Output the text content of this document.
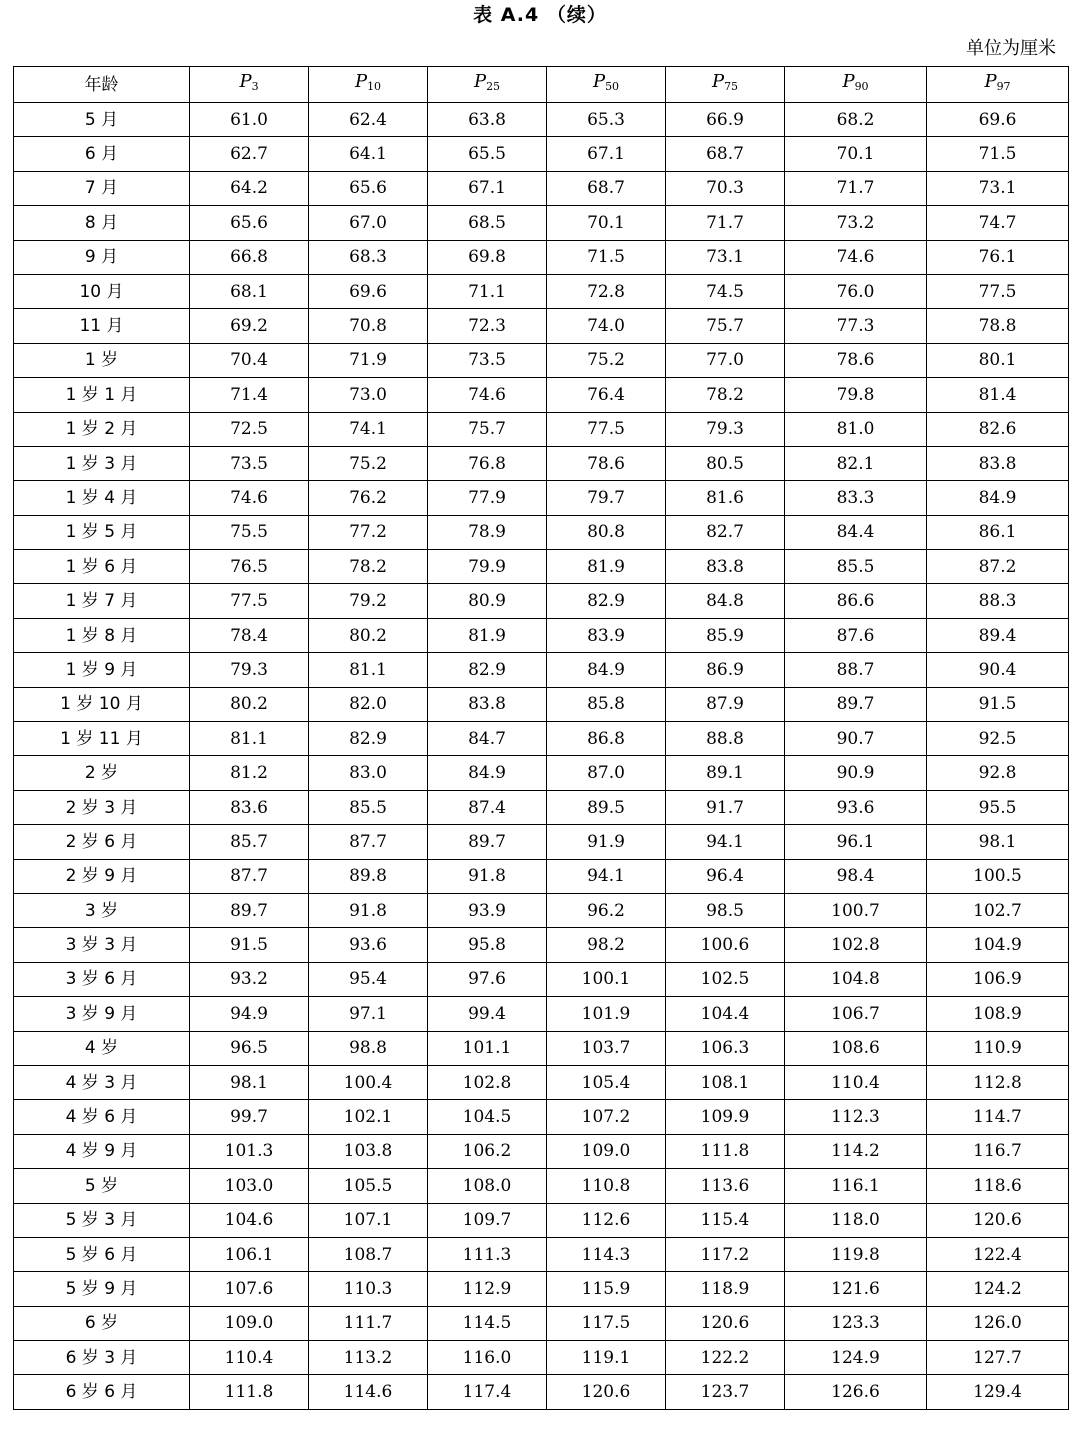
表 A.4 （续）
单位为厘米
年龄	P3	P10	P25	P50	P75	P90	P97
5 月	61.0	62.4	63.8	65.3	66.9	68.2	69.6
6 月	62.7	64.1	65.5	67.1	68.7	70.1	71.5
7 月	64.2	65.6	67.1	68.7	70.3	71.7	73.1
8 月	65.6	67.0	68.5	70.1	71.7	73.2	74.7
9 月	66.8	68.3	69.8	71.5	73.1	74.6	76.1
10 月	68.1	69.6	71.1	72.8	74.5	76.0	77.5
11 月	69.2	70.8	72.3	74.0	75.7	77.3	78.8
1 岁	70.4	71.9	73.5	75.2	77.0	78.6	80.1
1 岁 1 月	71.4	73.0	74.6	76.4	78.2	79.8	81.4
1 岁 2 月	72.5	74.1	75.7	77.5	79.3	81.0	82.6
1 岁 3 月	73.5	75.2	76.8	78.6	80.5	82.1	83.8
1 岁 4 月	74.6	76.2	77.9	79.7	81.6	83.3	84.9
1 岁 5 月	75.5	77.2	78.9	80.8	82.7	84.4	86.1
1 岁 6 月	76.5	78.2	79.9	81.9	83.8	85.5	87.2
1 岁 7 月	77.5	79.2	80.9	82.9	84.8	86.6	88.3
1 岁 8 月	78.4	80.2	81.9	83.9	85.9	87.6	89.4
1 岁 9 月	79.3	81.1	82.9	84.9	86.9	88.7	90.4
1 岁 10 月	80.2	82.0	83.8	85.8	87.9	89.7	91.5
1 岁 11 月	81.1	82.9	84.7	86.8	88.8	90.7	92.5
2 岁	81.2	83.0	84.9	87.0	89.1	90.9	92.8
2 岁 3 月	83.6	85.5	87.4	89.5	91.7	93.6	95.5
2 岁 6 月	85.7	87.7	89.7	91.9	94.1	96.1	98.1
2 岁 9 月	87.7	89.8	91.8	94.1	96.4	98.4	100.5
3 岁	89.7	91.8	93.9	96.2	98.5	100.7	102.7
3 岁 3 月	91.5	93.6	95.8	98.2	100.6	102.8	104.9
3 岁 6 月	93.2	95.4	97.6	100.1	102.5	104.8	106.9
3 岁 9 月	94.9	97.1	99.4	101.9	104.4	106.7	108.9
4 岁	96.5	98.8	101.1	103.7	106.3	108.6	110.9
4 岁 3 月	98.1	100.4	102.8	105.4	108.1	110.4	112.8
4 岁 6 月	99.7	102.1	104.5	107.2	109.9	112.3	114.7
4 岁 9 月	101.3	103.8	106.2	109.0	111.8	114.2	116.7
5 岁	103.0	105.5	108.0	110.8	113.6	116.1	118.6
5 岁 3 月	104.6	107.1	109.7	112.6	115.4	118.0	120.6
5 岁 6 月	106.1	108.7	111.3	114.3	117.2	119.8	122.4
5 岁 9 月	107.6	110.3	112.9	115.9	118.9	121.6	124.2
6 岁	109.0	111.7	114.5	117.5	120.6	123.3	126.0
6 岁 3 月	110.4	113.2	116.0	119.1	122.2	124.9	127.7
6 岁 6 月	111.8	114.6	117.4	120.6	123.7	126.6	129.4
